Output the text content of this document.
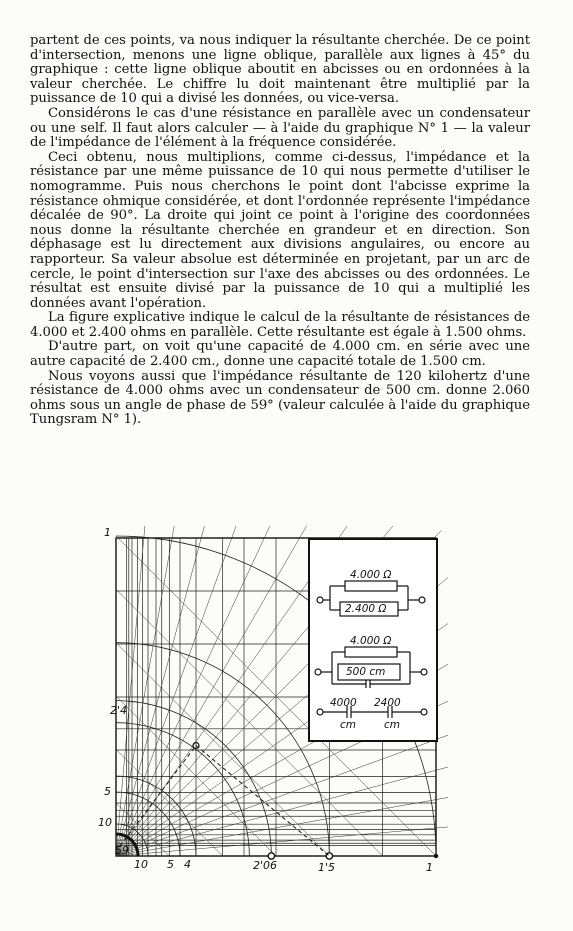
partent de ces points, va nous indiquer la résultante cherchée. De ce point d'intersection, menons une ligne oblique, parallèle aux lignes à 45° du graphique : cette ligne oblique aboutit en abcisses ou en ordonnées à la valeur cherchée. Le chiffre lu doit maintenant être multiplié par la puissance de 10 qui a divisé les données, ou vice-versa.

Considérons le cas d'une résistance en parallèle avec un condensateur ou une self. Il faut alors calculer — à l'aide du graphique N° 1 — la valeur de l'impédance de l'élément à la fréquence considérée.

Ceci obtenu, nous multiplions, comme ci-dessus, l'impédance et la résistance par une même puissance de 10 qui nous permette d'utiliser le nomogramme. Puis nous cherchons le point dont l'abcisse exprime la résistance ohmique considérée, et dont l'ordonnée représente l'impédance décalée de 90°. La droite qui joint ce point à l'origine des coordonnées nous donne la résultante cherchée en grandeur et en direction. Son déphasage est lu directement aux divisions angulaires, ou encore au rapporteur. Sa valeur absolue est déterminée en projetant, par un arc de cercle, le point d'intersection sur l'axe des abcisses ou des ordonnées. Le résultat est ensuite divisé par la puissance de 10 qui a multiplié les données avant l'opération.

La figure explicative indique le calcul de la résultante de résistances de 4.000 et 2.400 ohms en parallèle. Cette résultante est égale à 1.500 ohms.

D'autre part, on voit qu'une capacité de 4.000 cm. en série avec une autre capacité de 2.400 cm., donne une capacité totale de 1.500 cm.

Nous voyons aussi que l'impédance résultante de 120 kilohertz d'une résistance de 4.000 ohms avec un condensateur de 500 cm. donne 2.060 ohms sous un angle de phase de 59° (valeur calculée à l'aide du graphique Tungsram N° 1).

1
2'4
5
10
59
10 5 4	2'06	1'5	1
4.000 Ω
2.400 Ω
4.000 Ω
500 cm
4000 2400
cm	cm
